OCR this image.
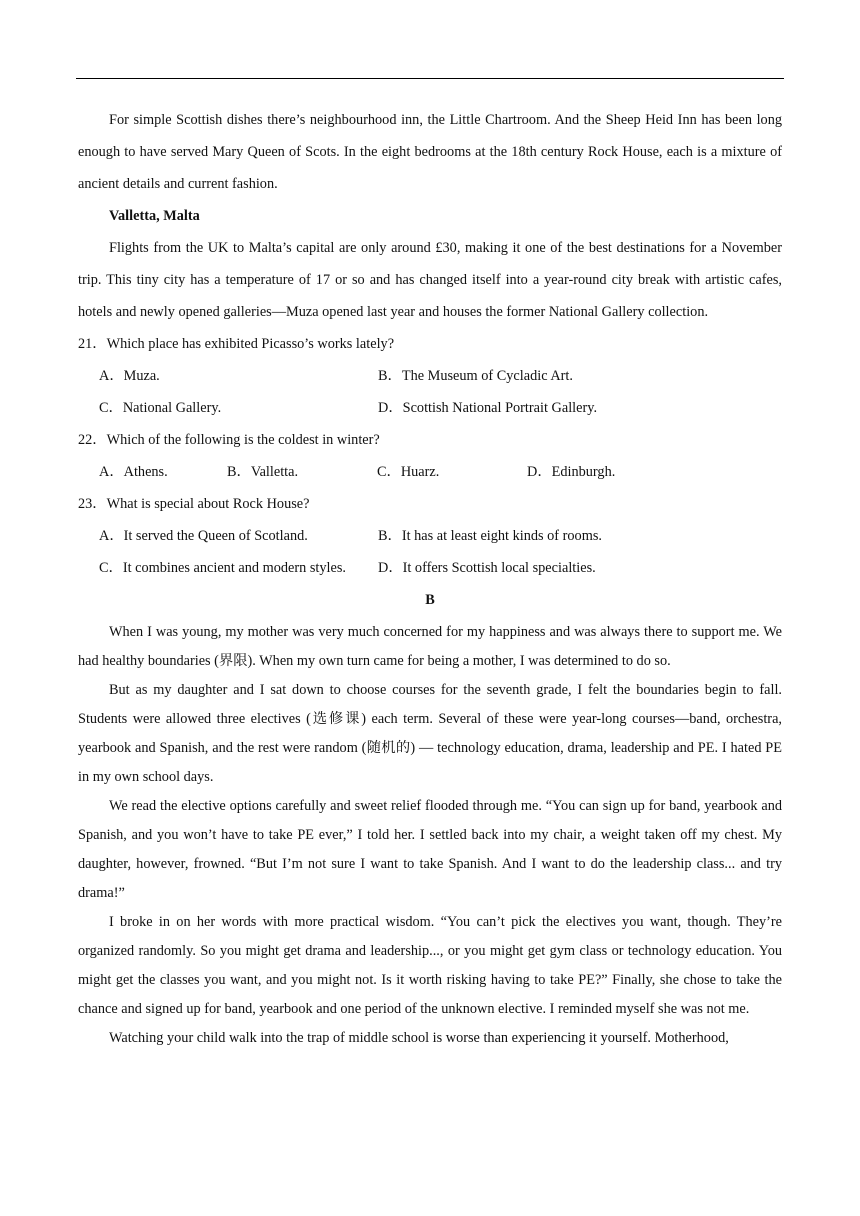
For simple Scottish dishes there’s neighbourhood inn, the Little Chartroom. And the Sheep Heid Inn has been long enough to have served Mary Queen of Scots. In the eight bedrooms at the 18th century Rock House, each is a mixture of ancient details and current fashion.

Valletta, Malta

Flights from the UK to Malta’s capital are only around £30, making it one of the best destinations for a November trip. This tiny city has a temperature of 17 or so and has changed itself into a year-round city break with artistic cafes, hotels and newly opened galleries—Muza opened last year and houses the former National Gallery collection.

21．Which place has exhibited Picasso’s works lately?

A．Muza.	B．The Museum of Cycladic Art.
C．National Gallery.	D．Scottish National Portrait Gallery.

22．Which of the following is the coldest in winter?

A．Athens.	B．Valletta.	C．Huarz.	D．Edinburgh.

23．What is special about Rock House?

A．It served the Queen of Scotland.	B．It has at least eight kinds of rooms.
C．It combines ancient and modern styles.	D．It offers Scottish local specialties.

B

When I was young, my mother was very much concerned for my happiness and was always there to support me. We had healthy boundaries (界限). When my own turn came for being a mother, I was determined to do so.

But as my daughter and I sat down to choose courses for the seventh grade, I felt the boundaries begin to fall. Students were allowed three electives (选修课) each term. Several of these were year-long courses—band, orchestra, yearbook and Spanish, and the rest were random (随机的) — technology education, drama, leadership and PE. I hated PE in my own school days.

We read the elective options carefully and sweet relief flooded through me. “You can sign up for band, yearbook and Spanish, and you won’t have to take PE ever,” I told her. I settled back into my chair, a weight taken off my chest. My daughter, however, frowned. “But I’m not sure I want to take Spanish. And I want to do the leadership class... and try drama!”

I broke in on her words with more practical wisdom. “You can’t pick the electives you want, though. They’re organized randomly. So you might get drama and leadership..., or you might get gym class or technology education. You might get the classes you want, and you might not. Is it worth risking having to take PE?” Finally, she chose to take the chance and signed up for band, yearbook and one period of the unknown elective. I reminded myself she was not me.

Watching your child walk into the trap of middle school is worse than experiencing it yourself. Motherhood,
